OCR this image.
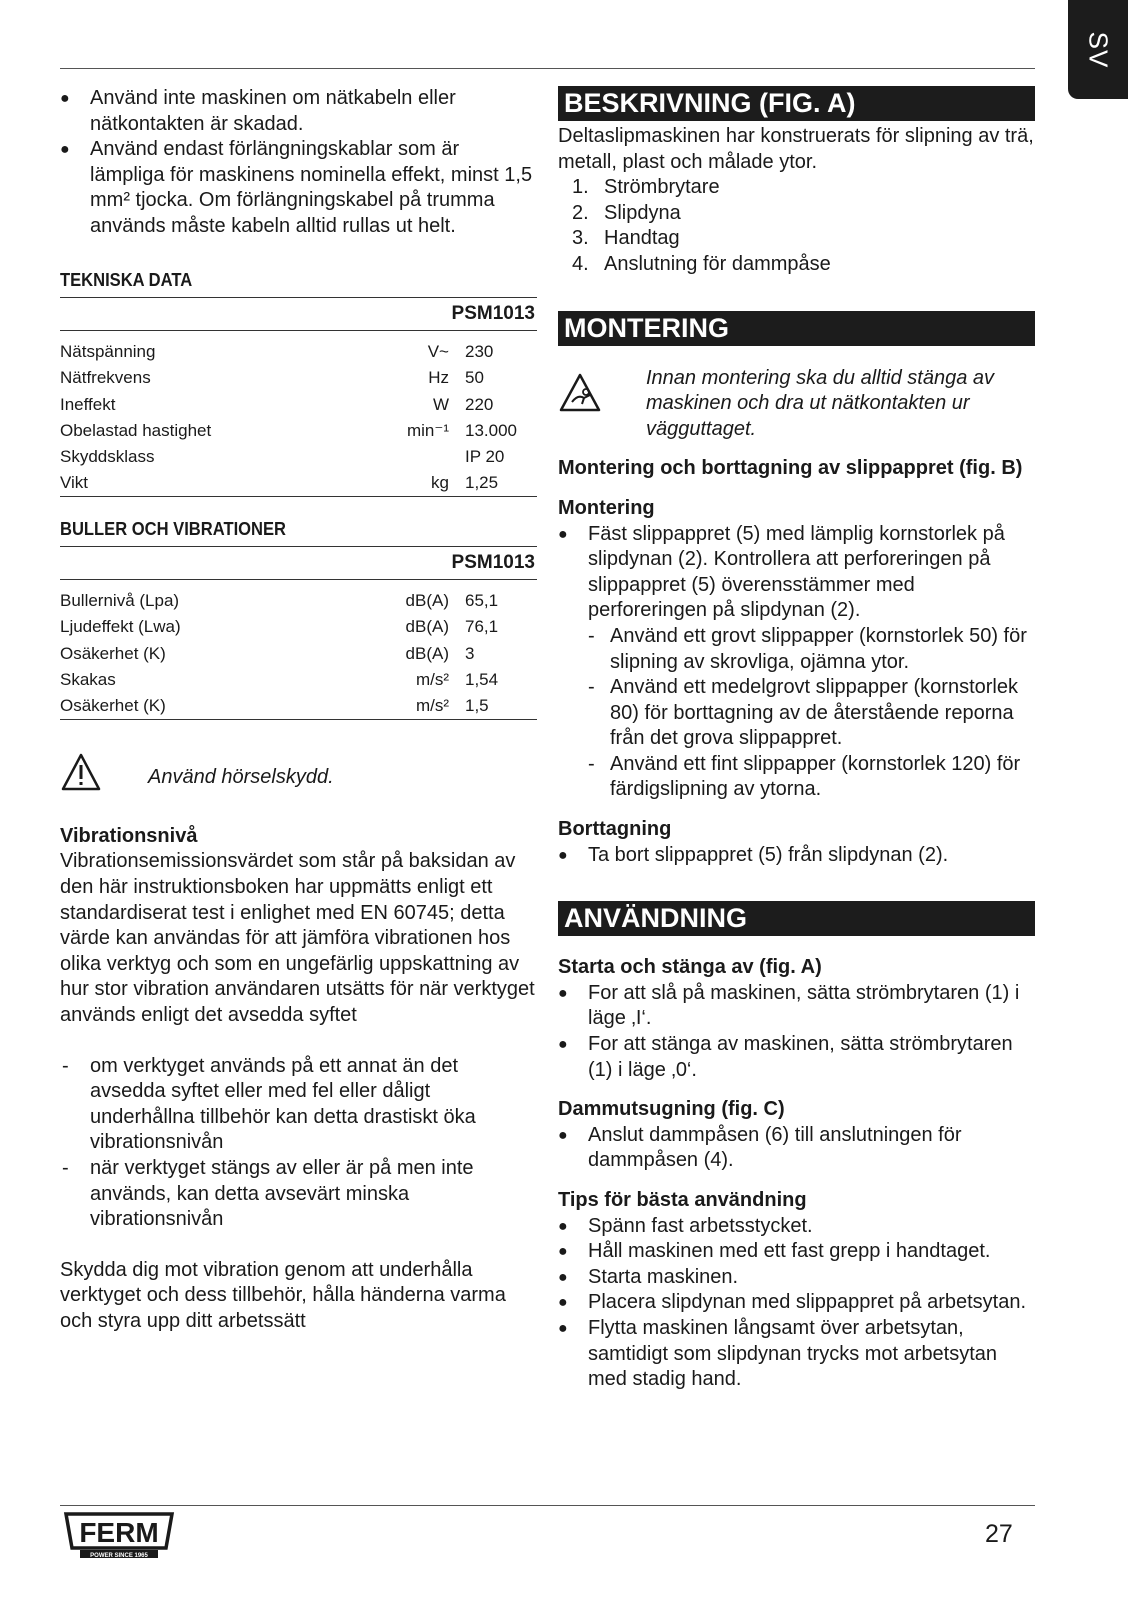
SV
● Använd inte maskinen om nätkabeln eller nätkontakten är skadad.
● Använd endast förlängningskablar som är lämpliga för maskinens nominella effekt, minst 1,5 mm² tjocka. Om förlängningskabel på trumma används måste kabeln alltid rullas ut helt.
TEKNISKA DATA
PSM1013
Nätspänning	V~ 230
Nätfrekvens	Hz 50
Ineffekt	W 220
Obelastad hastighet	min⁻¹ 13.000
Skyddsklass	IP 20
Vikt	kg 1,25
BULLER OCH VIBRATIONER
PSM1013
Bullernivå (Lpa)	dB(A) 65,1
Ljudeffekt (Lwa)	dB(A) 76,1
Osäkerhet (K)	dB(A) 3
Skakas	m/s² 1,54
Osäkerhet (K)	m/s² 1,5
Använd hörselskydd.
Vibrationsnivå

Vibrationsemissionsvärdet som står på baksidan av den här instruktionsboken har uppmätts enligt ett standardiserat test i enlighet med EN 60745; detta värde kan användas för att jämföra vibrationen hos olika verktyg och som en ungefärlig uppskattning av hur stor vibration användaren utsätts för när verktyget används enligt det avsedda syftet

- om verktyget används på ett annat än det avsedda syftet eller med fel eller dåligt underhållna tillbehör kan detta drastiskt öka vibrationsnivån
- när verktyget stängs av eller är på men inte används, kan detta avsevärt minska vibrationsnivån

Skydda dig mot vibration genom att underhålla verktyget och dess tillbehör, hålla händerna varma och styra upp ditt arbetssätt

BESKRIVNING (FIG. A)

Deltaslipmaskinen har konstruerats för slipning av trä, metall, plast och målade ytor.

1. Strömbrytare
2. Slipdyna
3. Handtag
4. Anslutning för dammpåse
MONTERING

Innan montering ska du alltid stänga av maskinen och dra ut nätkontakten ur vägguttaget.

Montering och borttagning av slippappret (fig. B)
Montering
● Fäst slippappret (5) med lämplig kornstorlek på slipdynan (2). Kontrollera att perforeringen på slippappret (5) överensstämmer med perforeringen på slipdynan (2).
- Använd ett grovt slippapper (kornstorlek 50) för slipning av skrovliga, ojämna ytor.
- Använd ett medelgrovt slippapper (kornstorlek 80) för borttagning av de återstående reporna från det grova slippappret.
- Använd ett fint slippapper (kornstorlek 120) för färdigslipning av ytorna.
Borttagning
● Ta bort slippappret (5) från slipdynan (2).
ANVÄNDNING
Starta och stänga av (fig. A)
● For att slå på maskinen, sätta strömbrytaren (1) i läge ‚I‘.
● For att stänga av maskinen, sätta strömbrytaren (1) i läge ‚0‘.
Dammutsugning (fig. C)
● Anslut dammpåsen (6) till anslutningen för dammpåsen (4).
Tips för bästa användning
● Spänn fast arbetsstycket.
● Håll maskinen med ett fast grepp i handtaget.
● Starta maskinen.
● Placera slipdynan med slippappret på arbetsytan.
● Flytta maskinen långsamt över arbetsytan, samtidigt som slipdynan trycks mot arbetsytan med stadig hand.
FERM
POWER SINCE 1965
27
